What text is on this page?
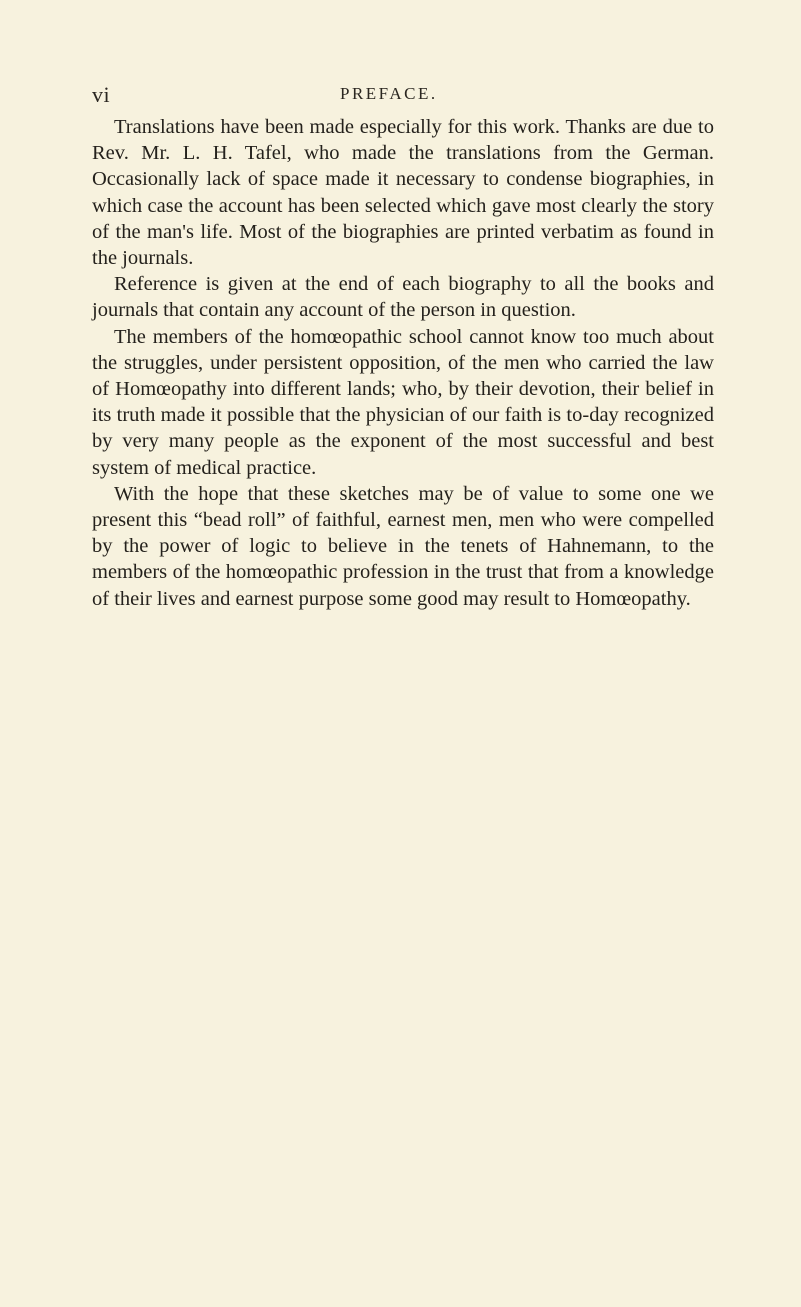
vi	PREFACE.

Translations have been made especially for this work. Thanks are due to Rev. Mr. L. H. Tafel, who made the translations from the German. Occasionally lack of space made it necessary to condense biographies, in which case the account has been selected which gave most clearly the story of the man's life. Most of the biographies are printed verbatim as found in the journals.

Reference is given at the end of each biography to all the books and journals that contain any account of the person in question.

The members of the homœopathic school cannot know too much about the struggles, under persistent opposition, of the men who carried the law of Homœopathy into different lands; who, by their devotion, their belief in its truth made it possible that the physician of our faith is to-day recognized by very many people as the exponent of the most successful and best system of medical practice.

With the hope that these sketches may be of value to some one we present this “bead roll” of faithful, earnest men, men who were compelled by the power of logic to believe in the tenets of Hahnemann, to the members of the homœopathic profession in the trust that from a knowledge of their lives and earnest purpose some good may result to Homœopathy.
